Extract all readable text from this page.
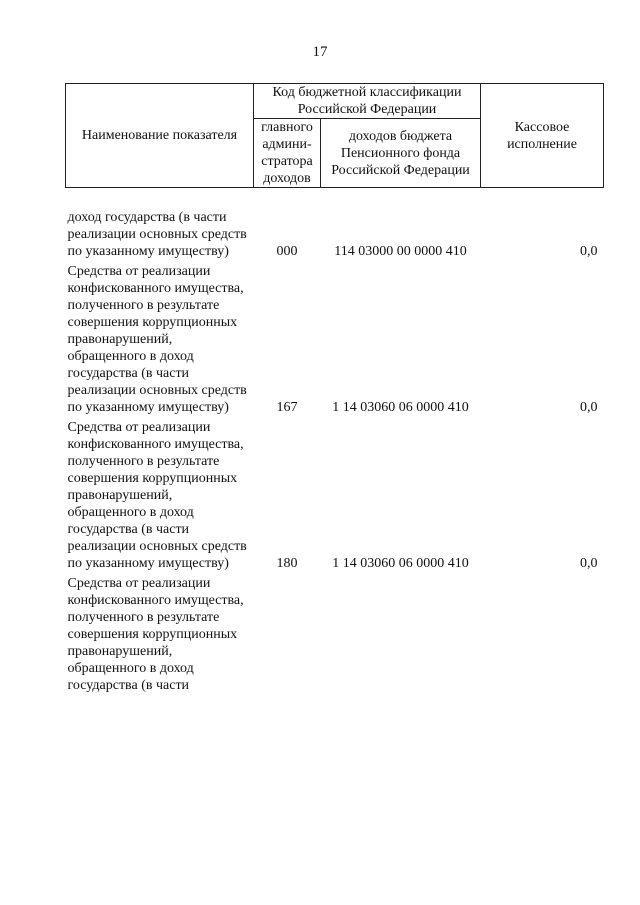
17
Наименование показателя	Код бюджетной классификации Российской Федерации		Кассовое исполнение
	главного админи- стратора доходов	доходов бюджета Пенсионного фонда Российской Федерации	
доход государства (в части реализации основных средств по указанному имуществу)	000	114 03000 00 0000 410	0,0
Средства от реализации конфискованного имущества, полученного в результате совершения коррупционных правонарушений, обращенного в доход государства (в части реализации основных средств по указанному имуществу)	167	1 14 03060 06 0000 410	0,0
Средства от реализации конфискованного имущества, полученного в результате совершения коррупционных правонарушений, обращенного в доход государства (в части реализации основных средств по указанному имуществу)	180	1 14 03060 06 0000 410	0,0
Средства от реализации конфискованного имущества, полученного в результате совершения коррупционных правонарушений, обращенного в доход государства (в части			
